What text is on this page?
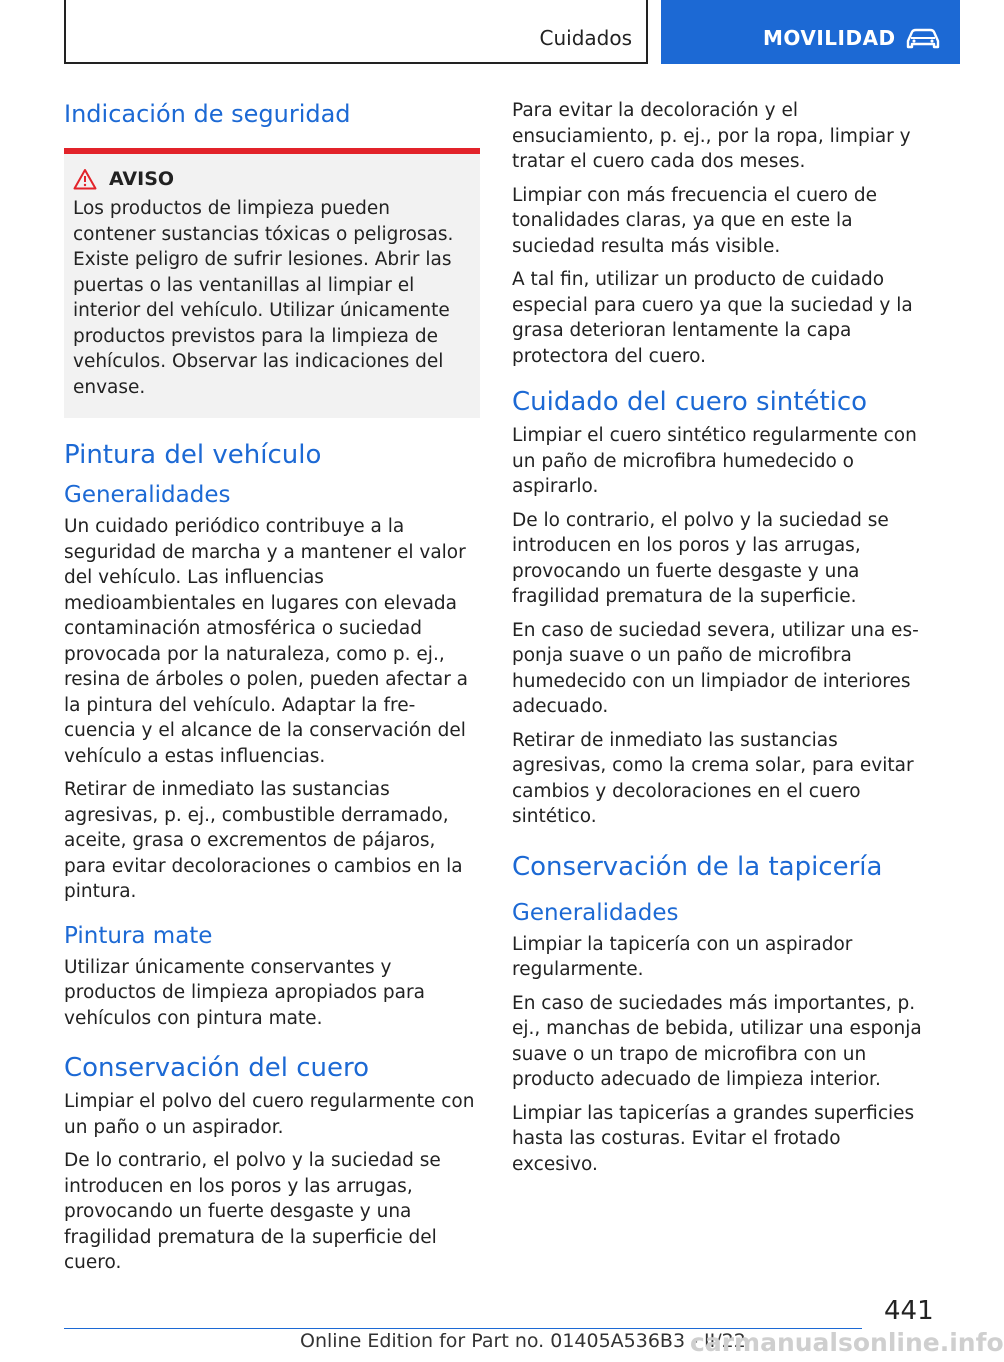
Cuidados	MOVILIDAD
Indicación de seguridad
AVISO

Los productos de limpieza pueden contener sustancias tóxicas o peligrosas. Existe peligro de sufrir lesiones. Abrir las puertas o las ventanillas al limpiar el interior del vehículo. Utilizar únicamente productos previstos para la limpieza de vehículos. Observar las indicaciones del envase.

Pintura del vehículo
Generalidades

Un cuidado periódico contribuye a la seguridad de marcha y a mantener el valor del vehículo. Las influencias medioambientales en lugares con elevada contaminación atmosférica o suciedad provocada por la naturaleza, como p. ej., resina de árboles o polen, pueden afectar a la pintura del vehículo. Adaptar la frecuencia y el alcance de la conservación del vehículo a estas influencias.

Retirar de inmediato las sustancias agresivas, p. ej., combustible derramado, aceite, grasa o excrementos de pájaros, para evitar decoloraciones o cambios en la pintura.

Pintura mate

Utilizar únicamente conservantes y productos de limpieza apropiados para vehículos con pintura mate.

Conservación del cuero

Limpiar el polvo del cuero regularmente con un paño o un aspirador.

De lo contrario, el polvo y la suciedad se introducen en los poros y las arrugas, provocando un fuerte desgaste y una fragilidad prematura de la superficie del cuero.

Para evitar la decoloración y el ensuciamiento, p. ej., por la ropa, limpiar y tratar el cuero cada dos meses.

Limpiar con más frecuencia el cuero de tonalidades claras, ya que en este la suciedad resulta más visible.

A tal fin, utilizar un producto de cuidado especial para cuero ya que la suciedad y la grasa deterioran lentamente la capa protectora del cuero.

Cuidado del cuero sintético

Limpiar el cuero sintético regularmente con un paño de microfibra humedecido o aspirarlo.

De lo contrario, el polvo y la suciedad se introducen en los poros y las arrugas, provocando un fuerte desgaste y una fragilidad prematura de la superficie.

En caso de suciedad severa, utilizar una esponja suave o un paño de microfibra humedecido con un limpiador de interiores adecuado.

Retirar de inmediato las sustancias agresivas, como la crema solar, para evitar cambios y decoloraciones en el cuero sintético.

Conservación de la tapicería
Generalidades

Limpiar la tapicería con un aspirador regularmente.

En caso de suciedades más importantes, p. ej., manchas de bebida, utilizar una esponja suave o un trapo de microfibra con un producto adecuado de limpieza interior.

Limpiar las tapicerías a grandes superficies hasta las costuras. Evitar el frotado excesivo.

441
Online Edition for Part no. 01405A536B3 - II/22
carmanualsonline.info
